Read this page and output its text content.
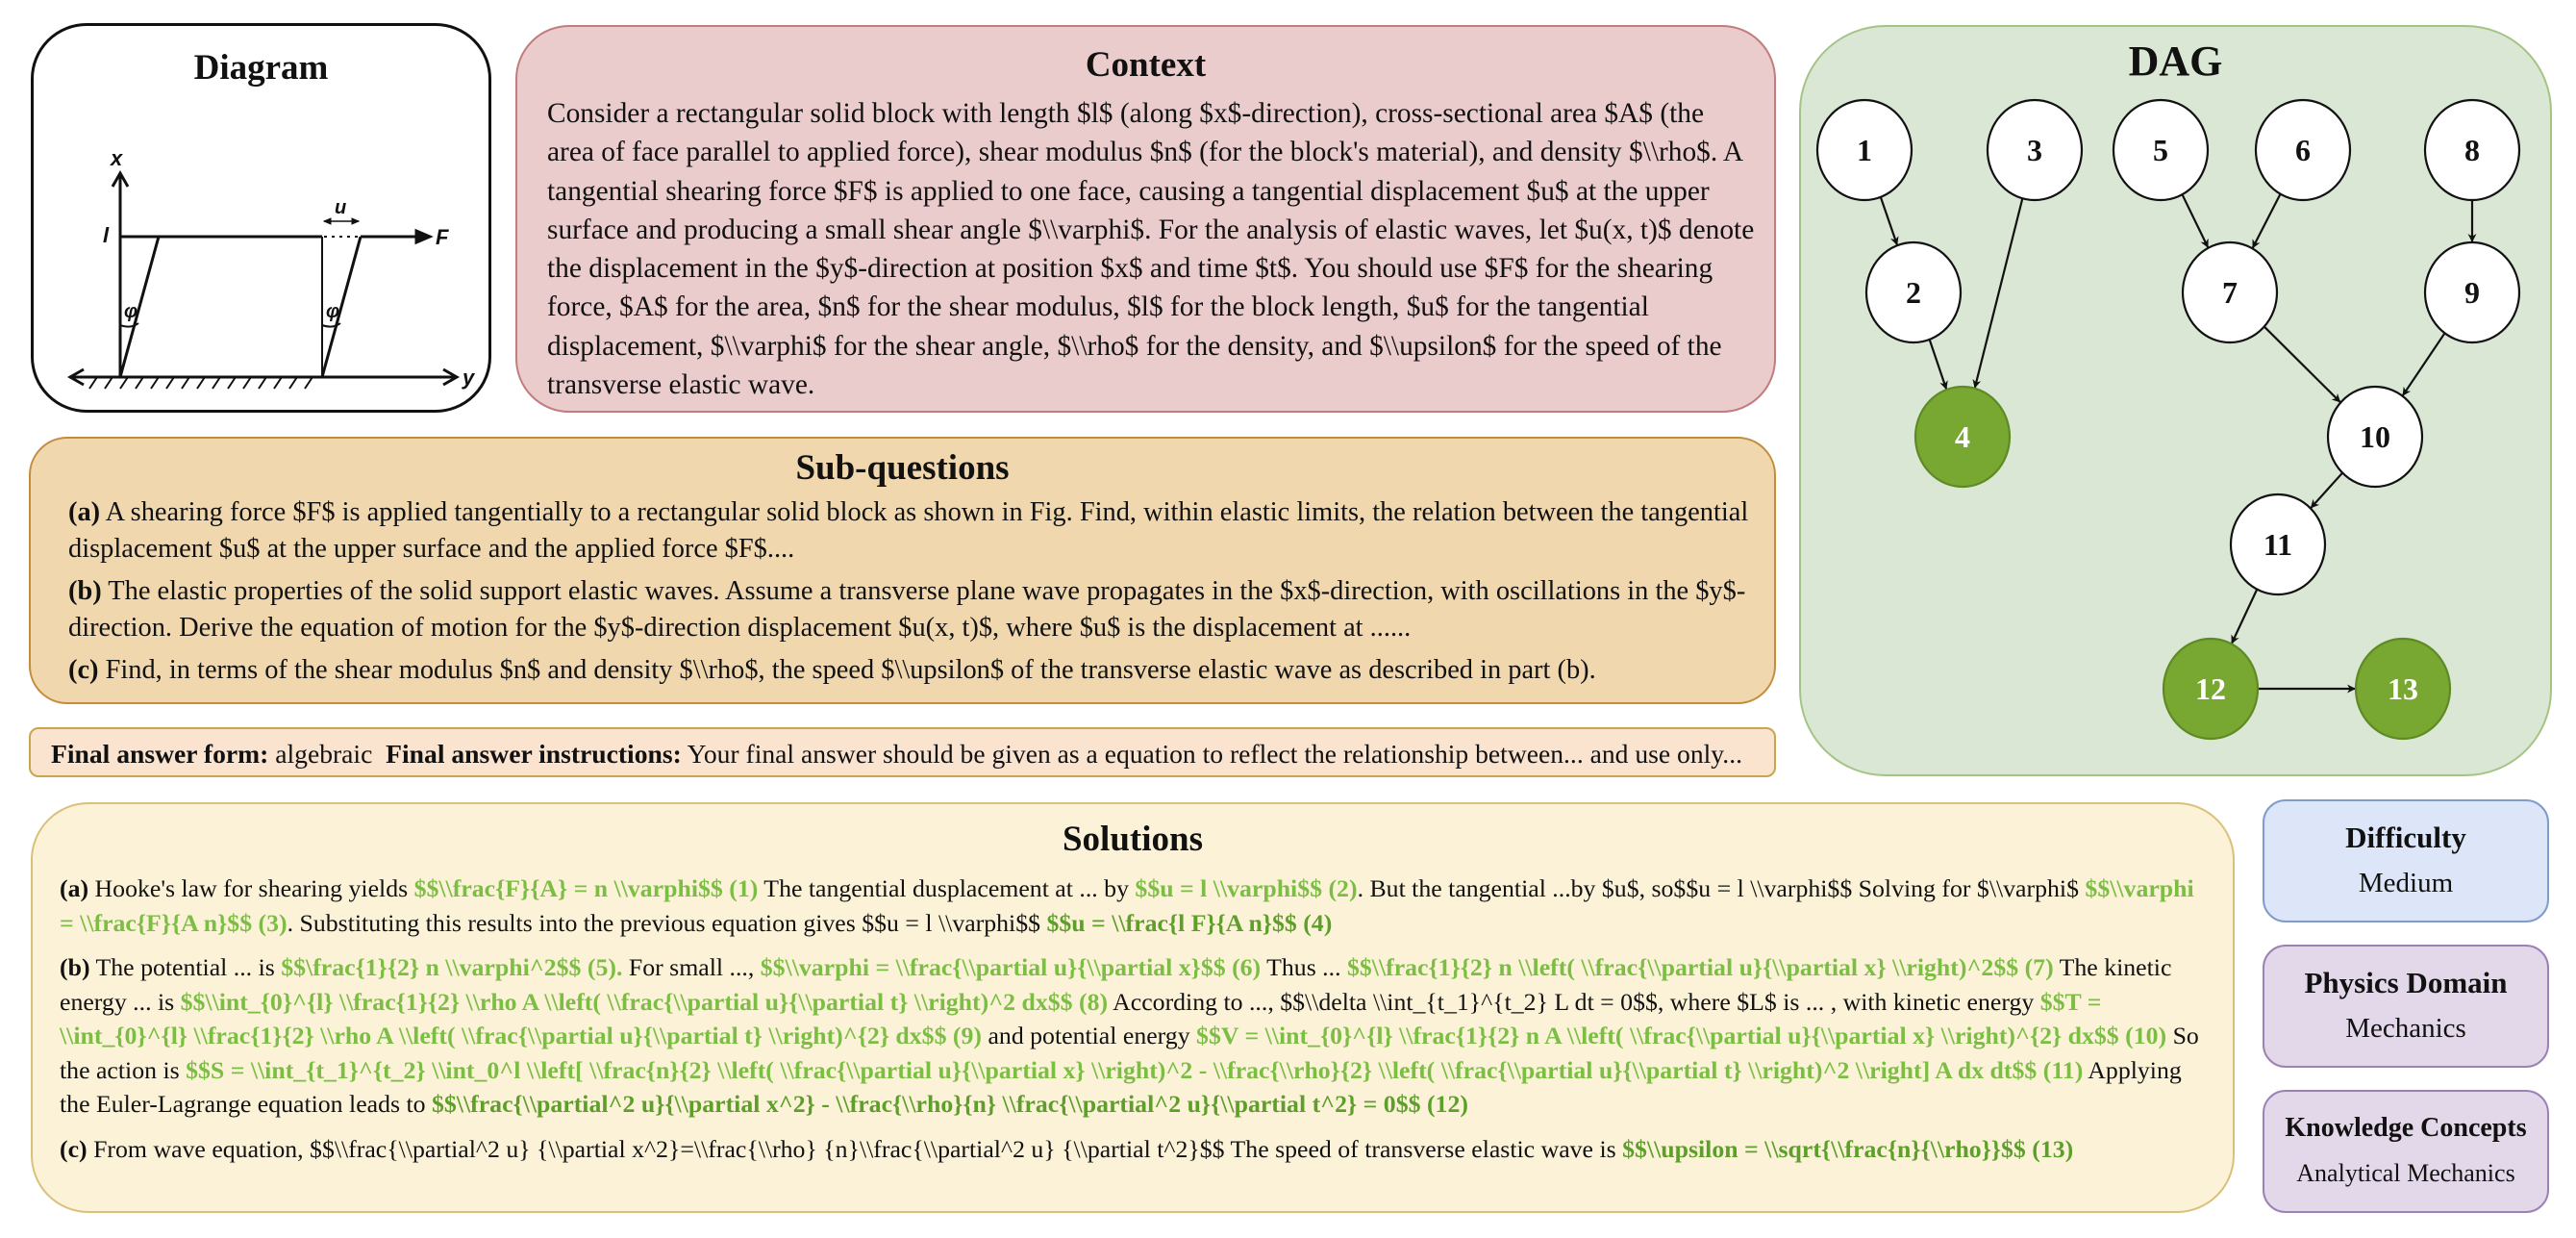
Diagram
x
y
l
u
F
φ	φ
Context
Consider a rectangular solid block with length $l$ (along $x$-direction), cross-sectional area $A$ (the area of face parallel to applied force), shear modulus $n$ (for the block's material), and density $\\rho$. A tangential shearing force $F$ is applied to one face, causing a tangential displacement $u$ at the upper surface and producing a small shear angle $\\varphi$. For the analysis of elastic waves, let $u(x, t)$ denote the displacement in the $y$-direction at position $x$ and time $t$. You should use $F$ for the shearing force, $A$ for the area, $n$ for the shear modulus, $l$ for the block length, $u$ for the tangential displacement, $\\varphi$ for the shear angle, $\\rho$ for the density, and $\\upsilon$ for the speed of the transverse elastic wave.
DAG
1
2
3
4
5	6
7
8
9
10
11
12	13
Sub-questions
(a) A shearing force $F$ is applied tangentially to a rectangular solid block as shown in Fig. Find, within elastic limits, the relation between the tangential displacement $u$ at the upper surface and the applied force $F$....
(b) The elastic properties of the solid support elastic waves. Assume a transverse plane wave propagates in the $x$-direction, with oscillations in the $y$-direction. Derive the equation of motion for the $y$-direction displacement $u(x, t)$, where $u$ is the displacement at ......
(c) Find, in terms of the shear modulus $n$ and density $\\rho$, the speed $\\upsilon$ of the transverse elastic wave as described in part (b).
Final answer form: algebraic  Final answer instructions: Your final answer should be given as a equation to reflect the relationship between... and use only...
Solutions
(a) Hooke's law for shearing yields $$\\frac{F}{A} = n \\varphi$$ (1) The tangential dusplacement at ... by $$u = l \\varphi$$ (2). But the tangential ...by $u$, so$$u = l \\varphi$$ Solving for $\\varphi$ $$\\varphi = \\frac{F}{A n}$$ (3). Substituting this results into the previous equation gives $$u = l \\varphi$$ $$u = \\frac{l F}{A n}$$ (4)
(b) The potential ... is $$\frac{1}{2} n \\varphi^2$$ (5). For small ..., $$\\varphi = \\frac{\\partial u}{\\partial x}$$ (6) Thus ... $$\\frac{1}{2} n \\left( \\frac{\\partial u}{\\partial x} \\right)^2$$ (7) The kinetic energy ... is $$\\int_{0}^{l} \\frac{1}{2} \\rho A \\left( \\frac{\\partial u}{\\partial t} \\right)^2 dx$$ (8) According to ..., $$\\delta \\int_{t_1}^{t_2} L dt = 0$$, where $L$ is ... , with kinetic energy $$T = \\int_{0}^{l} \\frac{1}{2} \\rho A \\left( \\frac{\\partial u}{\\partial t} \\right)^{2} dx$$ (9) and potential energy $$V = \\int_{0}^{l} \\frac{1}{2} n A \\left( \\frac{\\partial u}{\\partial x} \\right)^{2} dx$$ (10) So the action is $$S = \\int_{t_1}^{t_2} \\int_0^l \\left[ \\frac{n}{2} \\left( \\frac{\\partial u}{\\partial x} \\right)^2 - \\frac{\\rho}{2} \\left( \\frac{\\partial u}{\\partial t} \\right)^2 \\right] A dx dt$$ (11) Applying the Euler-Lagrange equation leads to $$\\frac{\\partial^2 u}{\\partial x^2} - \\frac{\\rho}{n} \\frac{\\partial^2 u}{\\partial t^2} = 0$$ (12)
(c) From wave equation, $$\\frac{\\partial^2 u} {\\partial x^2}=\\frac{\\rho} {n}\\frac{\\partial^2 u} {\\partial t^2}$$ The speed of transverse elastic wave is $$\\upsilon = \\sqrt{\\frac{n}{\\rho}}$$ (13)
Difficulty
Medium
Physics Domain
Mechanics
Knowledge Concepts
Analytical Mechanics
